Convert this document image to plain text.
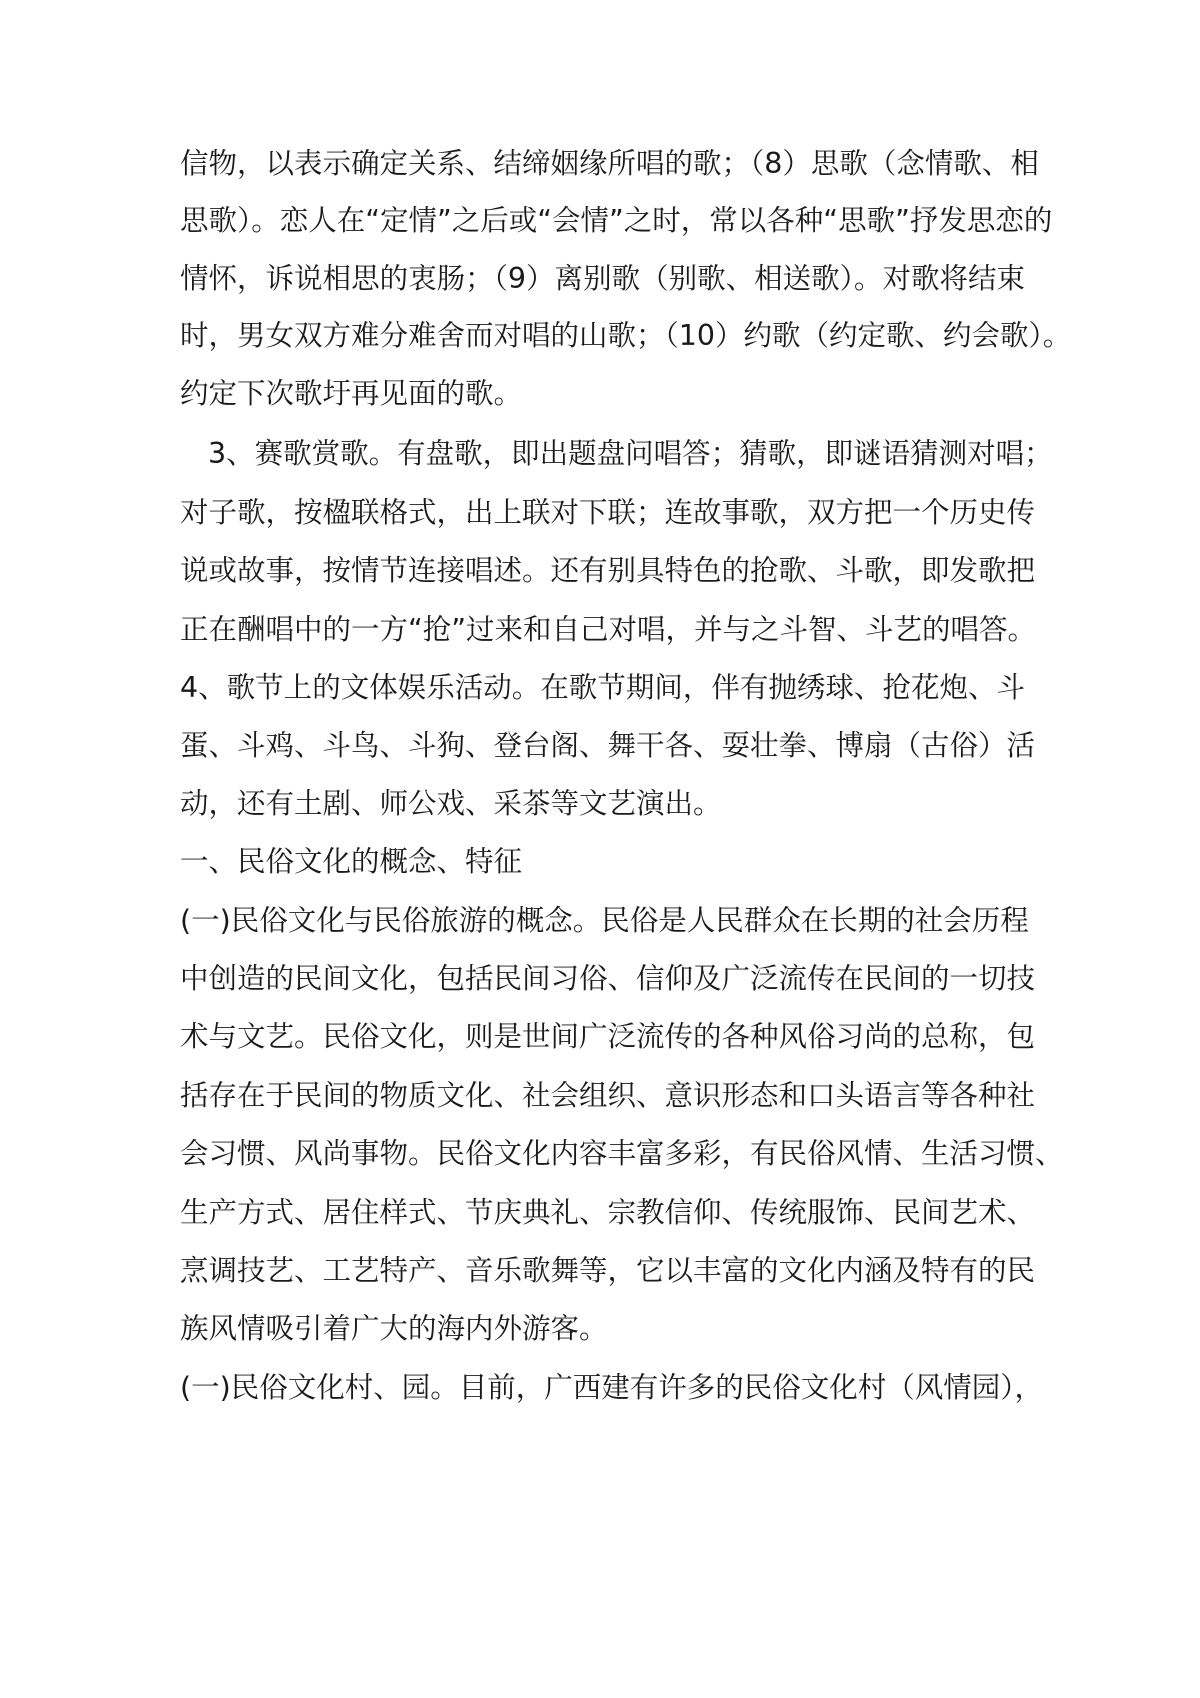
信物，以表示确定关系、结缔姻缘所唱的歌；（8）思歌（念情歌、相
思歌）。恋人在“定情”之后或“会情”之时，常以各种“思歌”抒发思恋的
情怀，诉说相思的衷肠；（9）离别歌（别歌、相送歌）。对歌将结束
时，男女双方难分难舍而对唱的山歌；（10）约歌（约定歌、约会歌）。
约定下次歌圩再见面的歌。
3、赛歌赏歌。有盘歌，即出题盘问唱答；猜歌，即谜语猜测对唱；
对子歌，按楹联格式，出上联对下联；连故事歌，双方把一个历史传
说或故事，按情节连接唱述。还有别具特色的抢歌、斗歌，即发歌把
正在酬唱中的一方“抢”过来和自己对唱，并与之斗智、斗艺的唱答。
4、歌节上的文体娱乐活动。在歌节期间，伴有抛绣球、抢花炮、斗
蛋、斗鸡、斗鸟、斗狗、登台阁、舞干各、耍壮拳、博扇（古俗）活
动，还有土剧、师公戏、采茶等文艺演出。
一、民俗文化的概念、特征
(一)民俗文化与民俗旅游的概念。民俗是人民群众在长期的社会历程
中创造的民间文化，包括民间习俗、信仰及广泛流传在民间的一切技
术与文艺。民俗文化，则是世间广泛流传的各种风俗习尚的总称，包
括存在于民间的物质文化、社会组织、意识形态和口头语言等各种社
会习惯、风尚事物。民俗文化内容丰富多彩，有民俗风情、生活习惯、
生产方式、居住样式、节庆典礼、宗教信仰、传统服饰、民间艺术、
烹调技艺、工艺特产、音乐歌舞等，它以丰富的文化内涵及特有的民
族风情吸引着广大的海内外游客。
(一)民俗文化村、园。目前，广西建有许多的民俗文化村（风情园），
